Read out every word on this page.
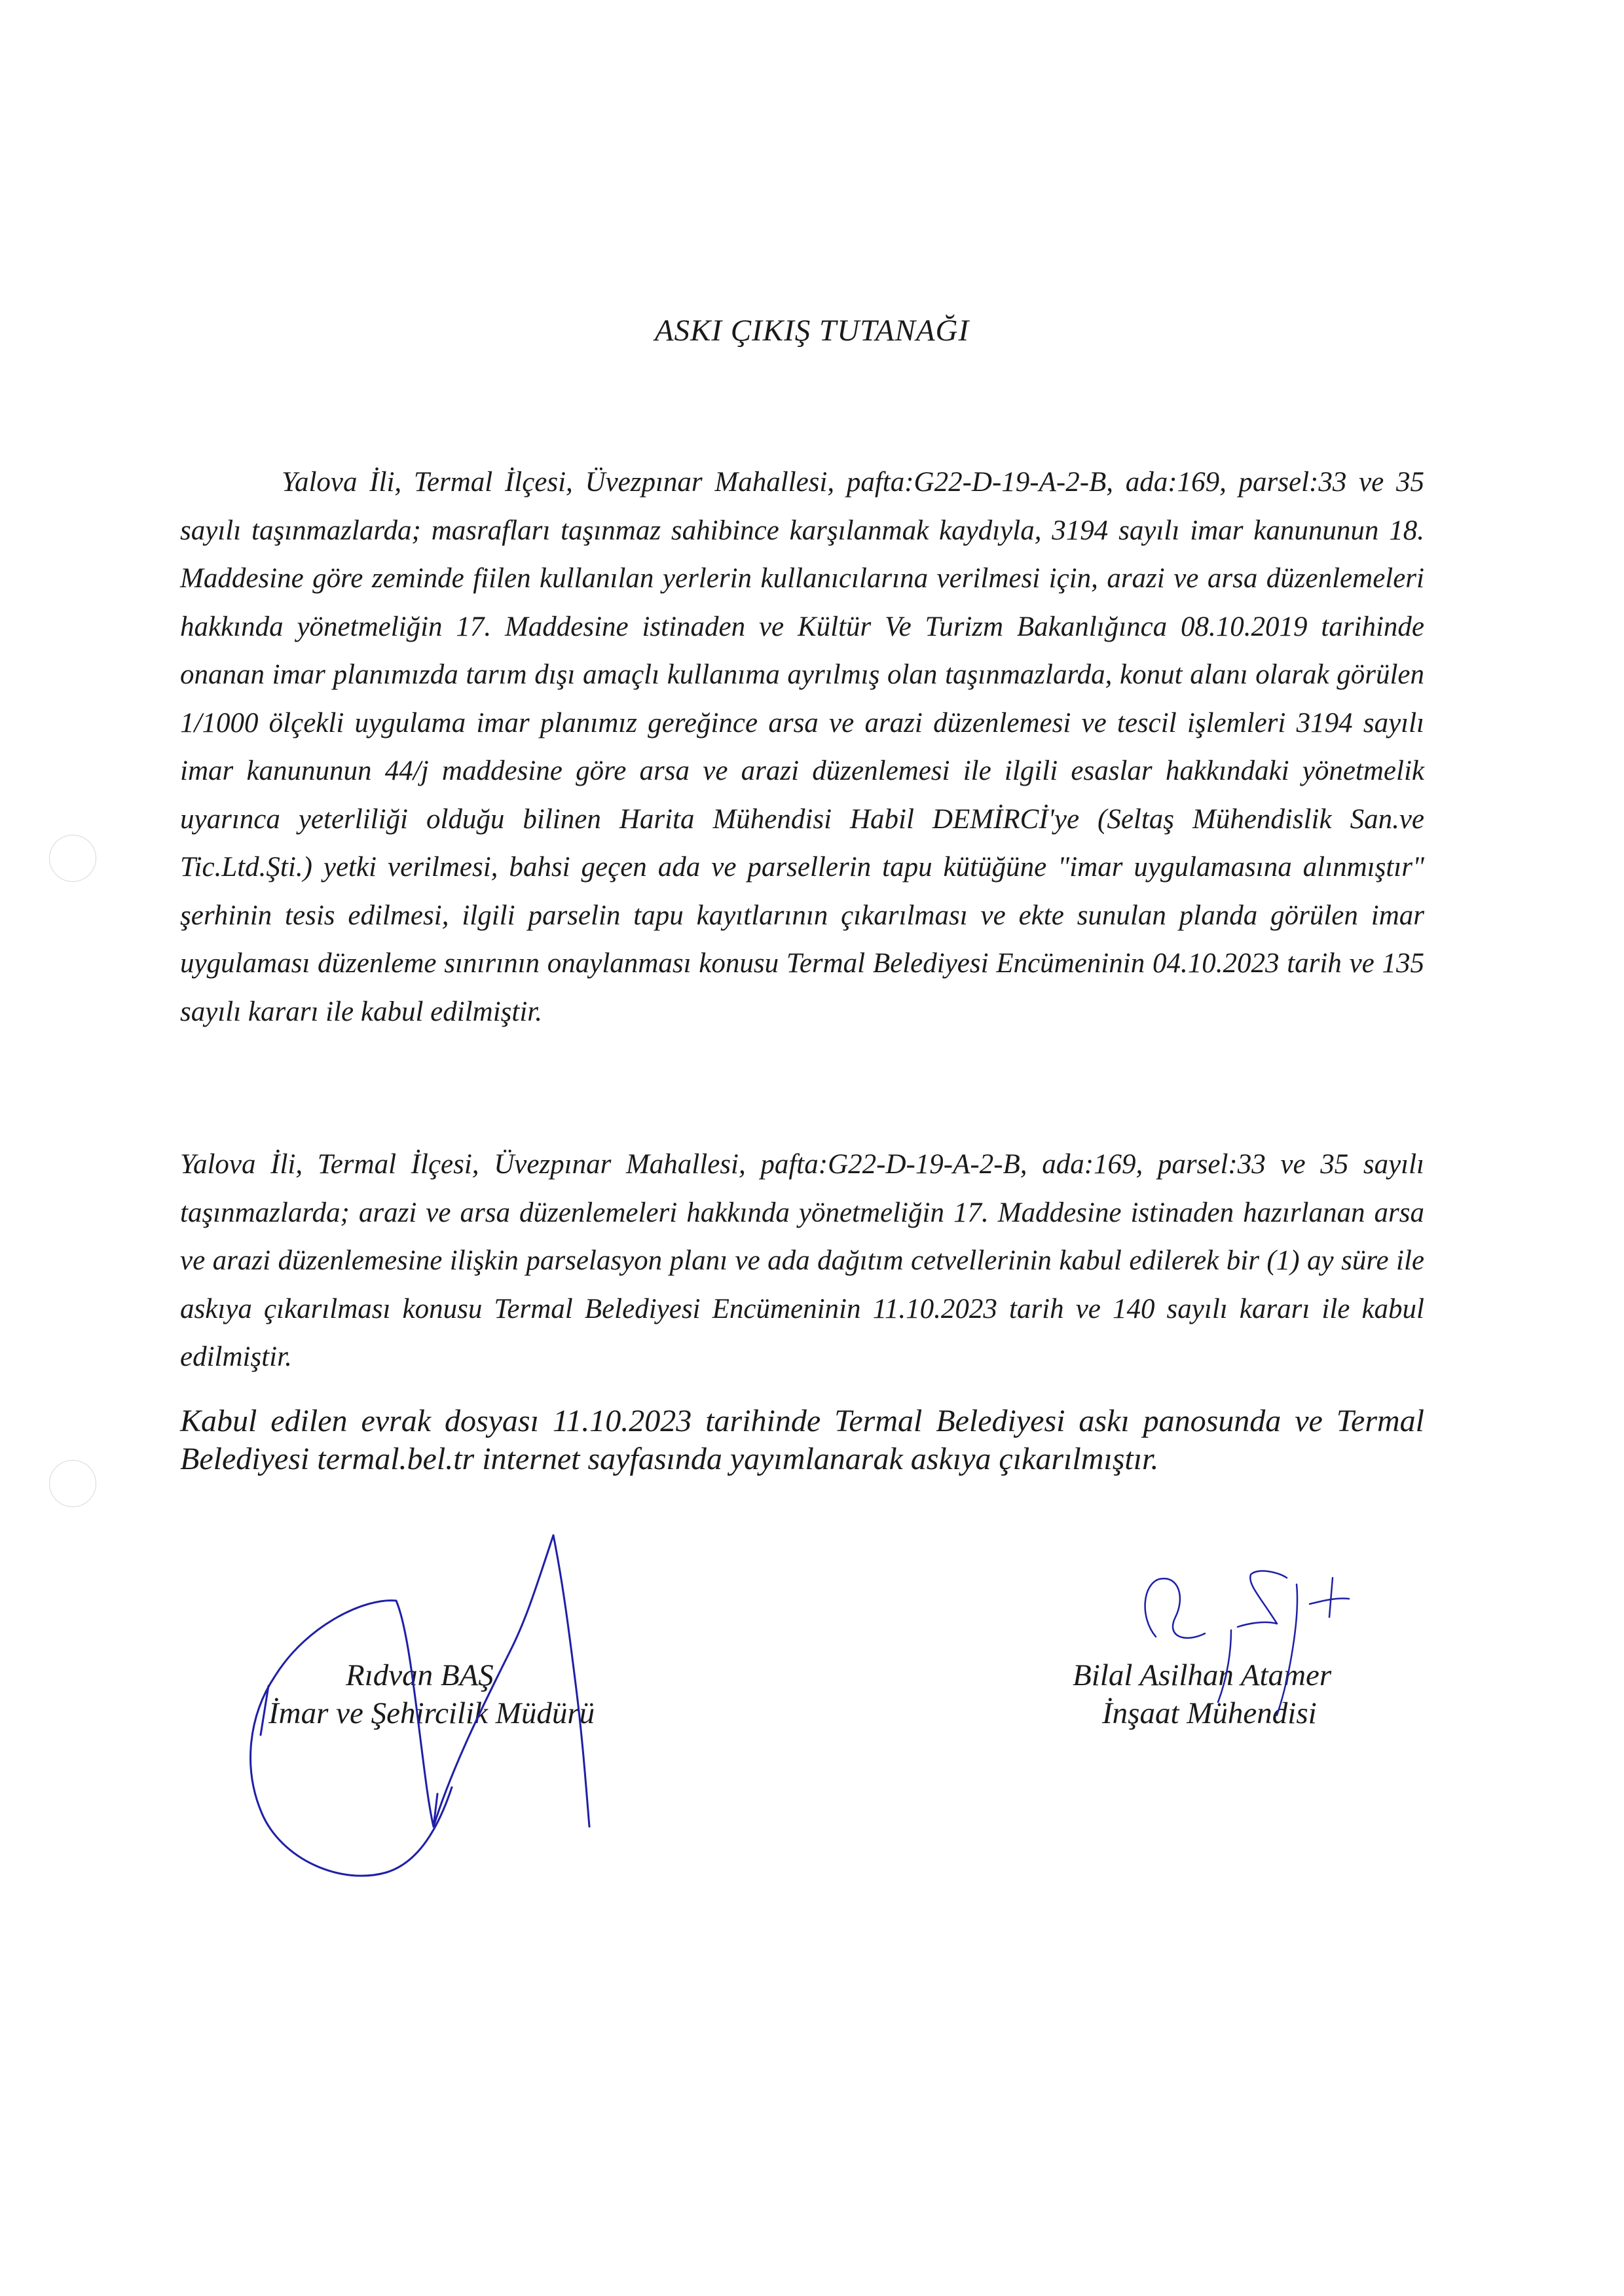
ASKI ÇIKIŞ TUTANAĞI
Yalova İli, Termal İlçesi, Üvezpınar Mahallesi, pafta:G22-D-19-A-2-B, ada:169, parsel:33 ve 35 sayılı taşınmazlarda; masrafları taşınmaz sahibince karşılanmak kaydıyla, 3194 sayılı imar kanununun 18. Maddesine göre zeminde fiilen kullanılan yerlerin kullanıcılarına verilmesi için, arazi ve arsa düzenlemeleri hakkında yönetmeliğin 17. Maddesine istinaden ve Kültür Ve Turizm Bakanlığınca 08.10.2019 tarihinde onanan imar planımızda tarım dışı amaçlı kullanıma ayrılmış olan taşınmazlarda, konut alanı olarak görülen 1/1000 ölçekli uygulama imar planımız gereğince arsa ve arazi düzenlemesi ve tescil işlemleri 3194 sayılı imar kanununun 44/j maddesine göre arsa ve arazi düzenlemesi ile ilgili esaslar hakkındaki yönetmelik uyarınca yeterliliği olduğu bilinen Harita Mühendisi Habil DEMİRCİ'ye (Seltaş Mühendislik San.ve Tic.Ltd.Şti.) yetki verilmesi, bahsi geçen ada ve parsellerin tapu kütüğüne "imar uygulamasına alınmıştır" şerhinin tesis edilmesi, ilgili parselin tapu kayıtlarının çıkarılması ve ekte sunulan planda görülen imar uygulaması düzenleme sınırının onaylanması konusu Termal Belediyesi Encümeninin 04.10.2023 tarih ve 135 sayılı kararı ile kabul edilmiştir.
Yalova İli, Termal İlçesi, Üvezpınar Mahallesi, pafta:G22-D-19-A-2-B, ada:169, parsel:33 ve 35 sayılı taşınmazlarda; arazi ve arsa düzenlemeleri hakkında yönetmeliğin 17. Maddesine istinaden hazırlanan arsa ve arazi düzenlemesine ilişkin parselasyon planı ve ada dağıtım cetvellerinin kabul edilerek bir (1) ay süre ile askıya çıkarılması konusu Termal Belediyesi Encümeninin 11.10.2023 tarih ve 140 sayılı kararı ile kabul edilmiştir.
Kabul edilen evrak dosyası 11.10.2023 tarihinde Termal Belediyesi askı panosunda ve Termal Belediyesi termal.bel.tr internet sayfasında yayımlanarak askıya çıkarılmıştır.
Rıdvan BAŞ
İmar ve Şehircilik Müdürü
Bilal Asilhan Atamer
İnşaat Mühendisi
